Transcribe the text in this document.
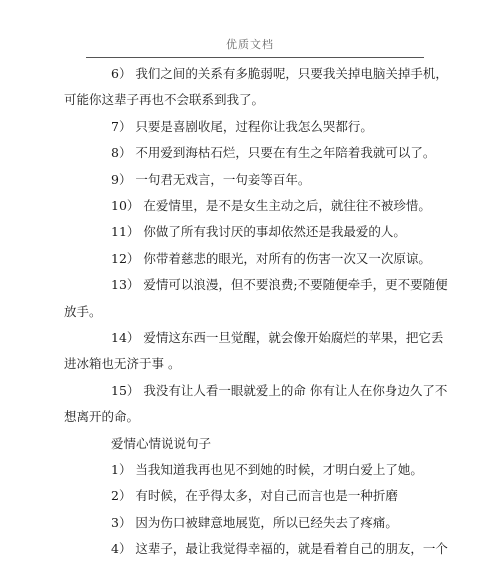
优质文档
6） 我们之间的关系有多脆弱呢，只要我关掉电脑关掉手机，
可能你这辈子再也不会联系到我了。
7） 只要是喜剧收尾，过程你让我怎么哭都行。
8） 不用爱到海枯石烂，只要在有生之年陪着我就可以了。
9） 一句君无戏言，一句妾等百年。
10） 在爱情里，是不是女生主动之后，就往往不被珍惜。
11） 你做了所有我讨厌的事却依然还是我最爱的人。
12） 你带着慈悲的眼光，对所有的伤害一次又一次原谅。
13） 爱情可以浪漫，但不要浪费;不要随便牵手，更不要随便
放手。
14） 爱情这东西一旦觉醒，就会像开始腐烂的苹果，把它丢
进冰箱也无济于事 。
15） 我没有让人看一眼就爱上的命 你有让人在你身边久了不
想离开的命。
爱情心情说说句子
1） 当我知道我再也见不到她的时候，才明白爱上了她。
2） 有时候，在乎得太多，对自己而言也是一种折磨
3） 因为伤口被肆意地展览，所以已经失去了疼痛。
4） 这辈子，最让我觉得幸福的，就是看着自己的朋友，一个
